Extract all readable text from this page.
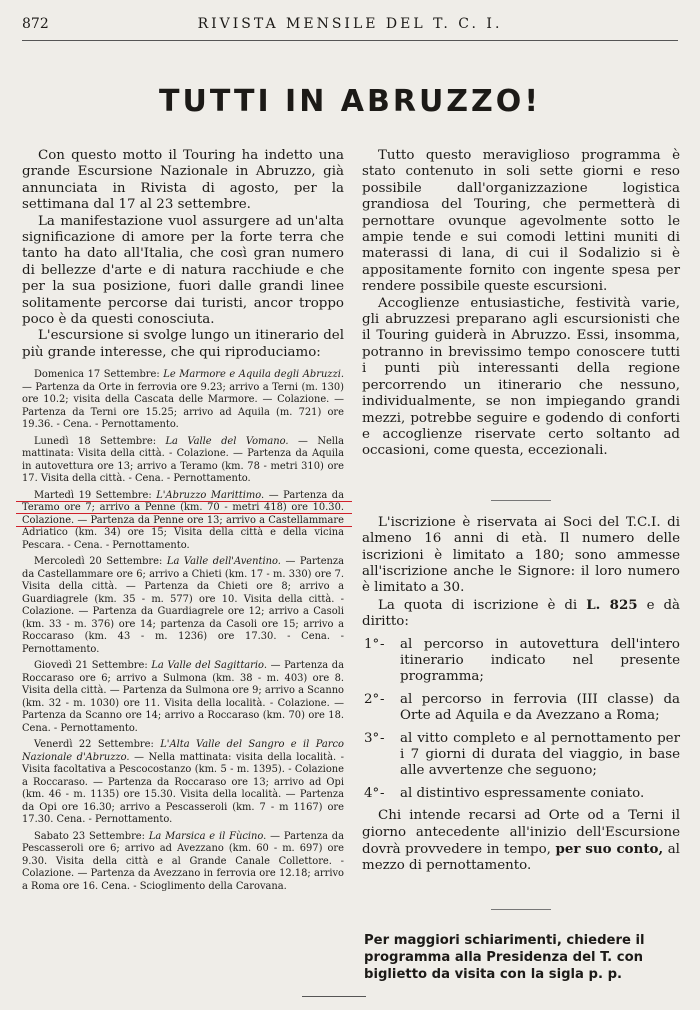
872	RIVISTA MENSILE DEL T. C. I.
TUTTI IN ABRUZZO!

Con questo motto il Touring ha indetto una grande Escursione Nazionale in Abruzzo, già annunciata in Rivista di agosto, per la settimana dal 17 al 23 settembre.

La manifestazione vuol assurgere ad un'alta significazione di amore per la forte terra che tanto ha dato all'Italia, che così gran numero di bellezze d'arte e di natura racchiude e che per la sua posizione, fuori dalle grandi linee solitamente percorse dai turisti, ancor troppo poco è da questi conosciuta.

L'escursione si svolge lungo un itinerario del più grande interesse, che qui riproduciamo:

Domenica 17 Settembre: Le Marmore e Aquila degli Abruzzi. — Partenza da Orte in ferrovia ore 9.23; arrivo a Terni (m. 130) ore 10.2; visita della Cascata delle Marmore. — Colazione. — Partenza da Terni ore 15.25; arrivo ad Aquila (m. 721) ore 19.36. - Cena. - Pernottamento.

Lunedì 18 Settembre: La Valle del Vomano. — Nella mattinata: Visita della città. - Colazione. — Partenza da Aquila in autovettura ore 13; arrivo a Teramo (km. 78 - metri 310) ore 17. Visita della città. - Cena. - Pernottamento.

Martedì 19 Settembre: L'Abruzzo Marittimo. — Partenza da Teramo ore 7; arrivo a Penne (km. 70 - metri 418) ore 10.30. Colazione. — Partenza da Penne ore 13; arrivo a Castellammare Adriatico (km. 34) ore 15; Visita della città e della vicina Pescara. - Cena. - Pernottamento.

Mercoledì 20 Settembre: La Valle dell'Aventino. — Partenza da Castellammare ore 6; arrivo a Chieti (km. 17 - m. 330) ore 7. Visita della città. — Partenza da Chieti ore 8; arrivo a Guardiagrele (km. 35 - m. 577) ore 10. Visita della città. - Colazione. — Partenza da Guardiagrele ore 12; arrivo a Casoli (km. 33 - m. 376) ore 14; partenza da Casoli ore 15; arrivo a Roccaraso (km. 43 - m. 1236) ore 17.30. - Cena. - Pernottamento.

Giovedì 21 Settembre: La Valle del Sagittario. — Partenza da Roccaraso ore 6; arrivo a Sulmona (km. 38 - m. 403) ore 8. Visita della città. — Partenza da Sulmona ore 9; arrivo a Scanno (km. 32 - m. 1030) ore 11. Visita della località. - Colazione. — Partenza da Scanno ore 14; arrivo a Roccaraso (km. 70) ore 18. Cena. - Pernottamento.

Venerdì 22 Settembre: L'Alta Valle del Sangro e il Parco Nazionale d'Abruzzo. — Nella mattinata: visita della località. - Visita facoltativa a Pescocostanzo (km. 5 - m. 1395). - Colazione a Roccaraso. — Partenza da Roccaraso ore 13; arrivo ad Opi (km. 46 - m. 1135) ore 15.30. Visita della località. — Partenza da Opi ore 16.30; arrivo a Pescasseroli (km. 7 - m 1167) ore 17.30. Cena. - Pernottamento.

Sabato 23 Settembre: La Marsica e il Fùcino. — Partenza da Pescasseroli ore 6; arrivo ad Avezzano (km. 60 - m. 697) ore 9.30. Visita della città e al Grande Canale Collettore. - Colazione. — Partenza da Avezzano in ferrovia ore 12.18; arrivo a Roma ore 16. Cena. - Scioglimento della Carovana.

Tutto questo meraviglioso programma è stato contenuto in soli sette giorni e reso possibile dall'organizzazione logistica grandiosa del Touring, che permetterà di pernottare ovunque agevolmente sotto le ampie tende e sui comodi lettini muniti di materassi di lana, di cui il Sodalizio si è appositamente fornito con ingente spesa per rendere possibile queste escursioni.

Accoglienze entusiastiche, festività varie, gli abruzzesi preparano agli escursionisti che il Touring guiderà in Abruzzo. Essi, insomma, potranno in brevissimo tempo conoscere tutti i punti più interessanti della regione percorrendo un itinerario che nessuno, individualmente, se non impiegando grandi mezzi, potrebbe seguire e godendo di conforti e accoglienze riservate certo soltanto ad occasioni, come questa, eccezionali.

L'iscrizione è riservata ai Soci del T.C.I. di almeno 16 anni di età. Il numero delle iscrizioni è limitato a 180; sono ammesse all'iscrizione anche le Signore: il loro numero è limitato a 30.

La quota di iscrizione è di L. 825 e dà diritto:

1° - al percorso in autovettura dell'intero itinerario indicato nel presente programma;
2° - al percorso in ferrovia (III classe) da Orte ad Aquila e da Avezzano a Roma;
3° - al vitto completo e al pernottamento per i 7 giorni di durata del viaggio, in base alle avvertenze che seguono;
4° - al distintivo espressamente coniato.

Chi intende recarsi ad Orte od a Terni il giorno antecedente all'inizio dell'Escursione dovrà provvedere in tempo, per suo conto, al mezzo di pernottamento.

Per maggiori schiarimenti, chiedere il programma alla Presidenza del T. con biglietto da visita con la sigla p. p.
